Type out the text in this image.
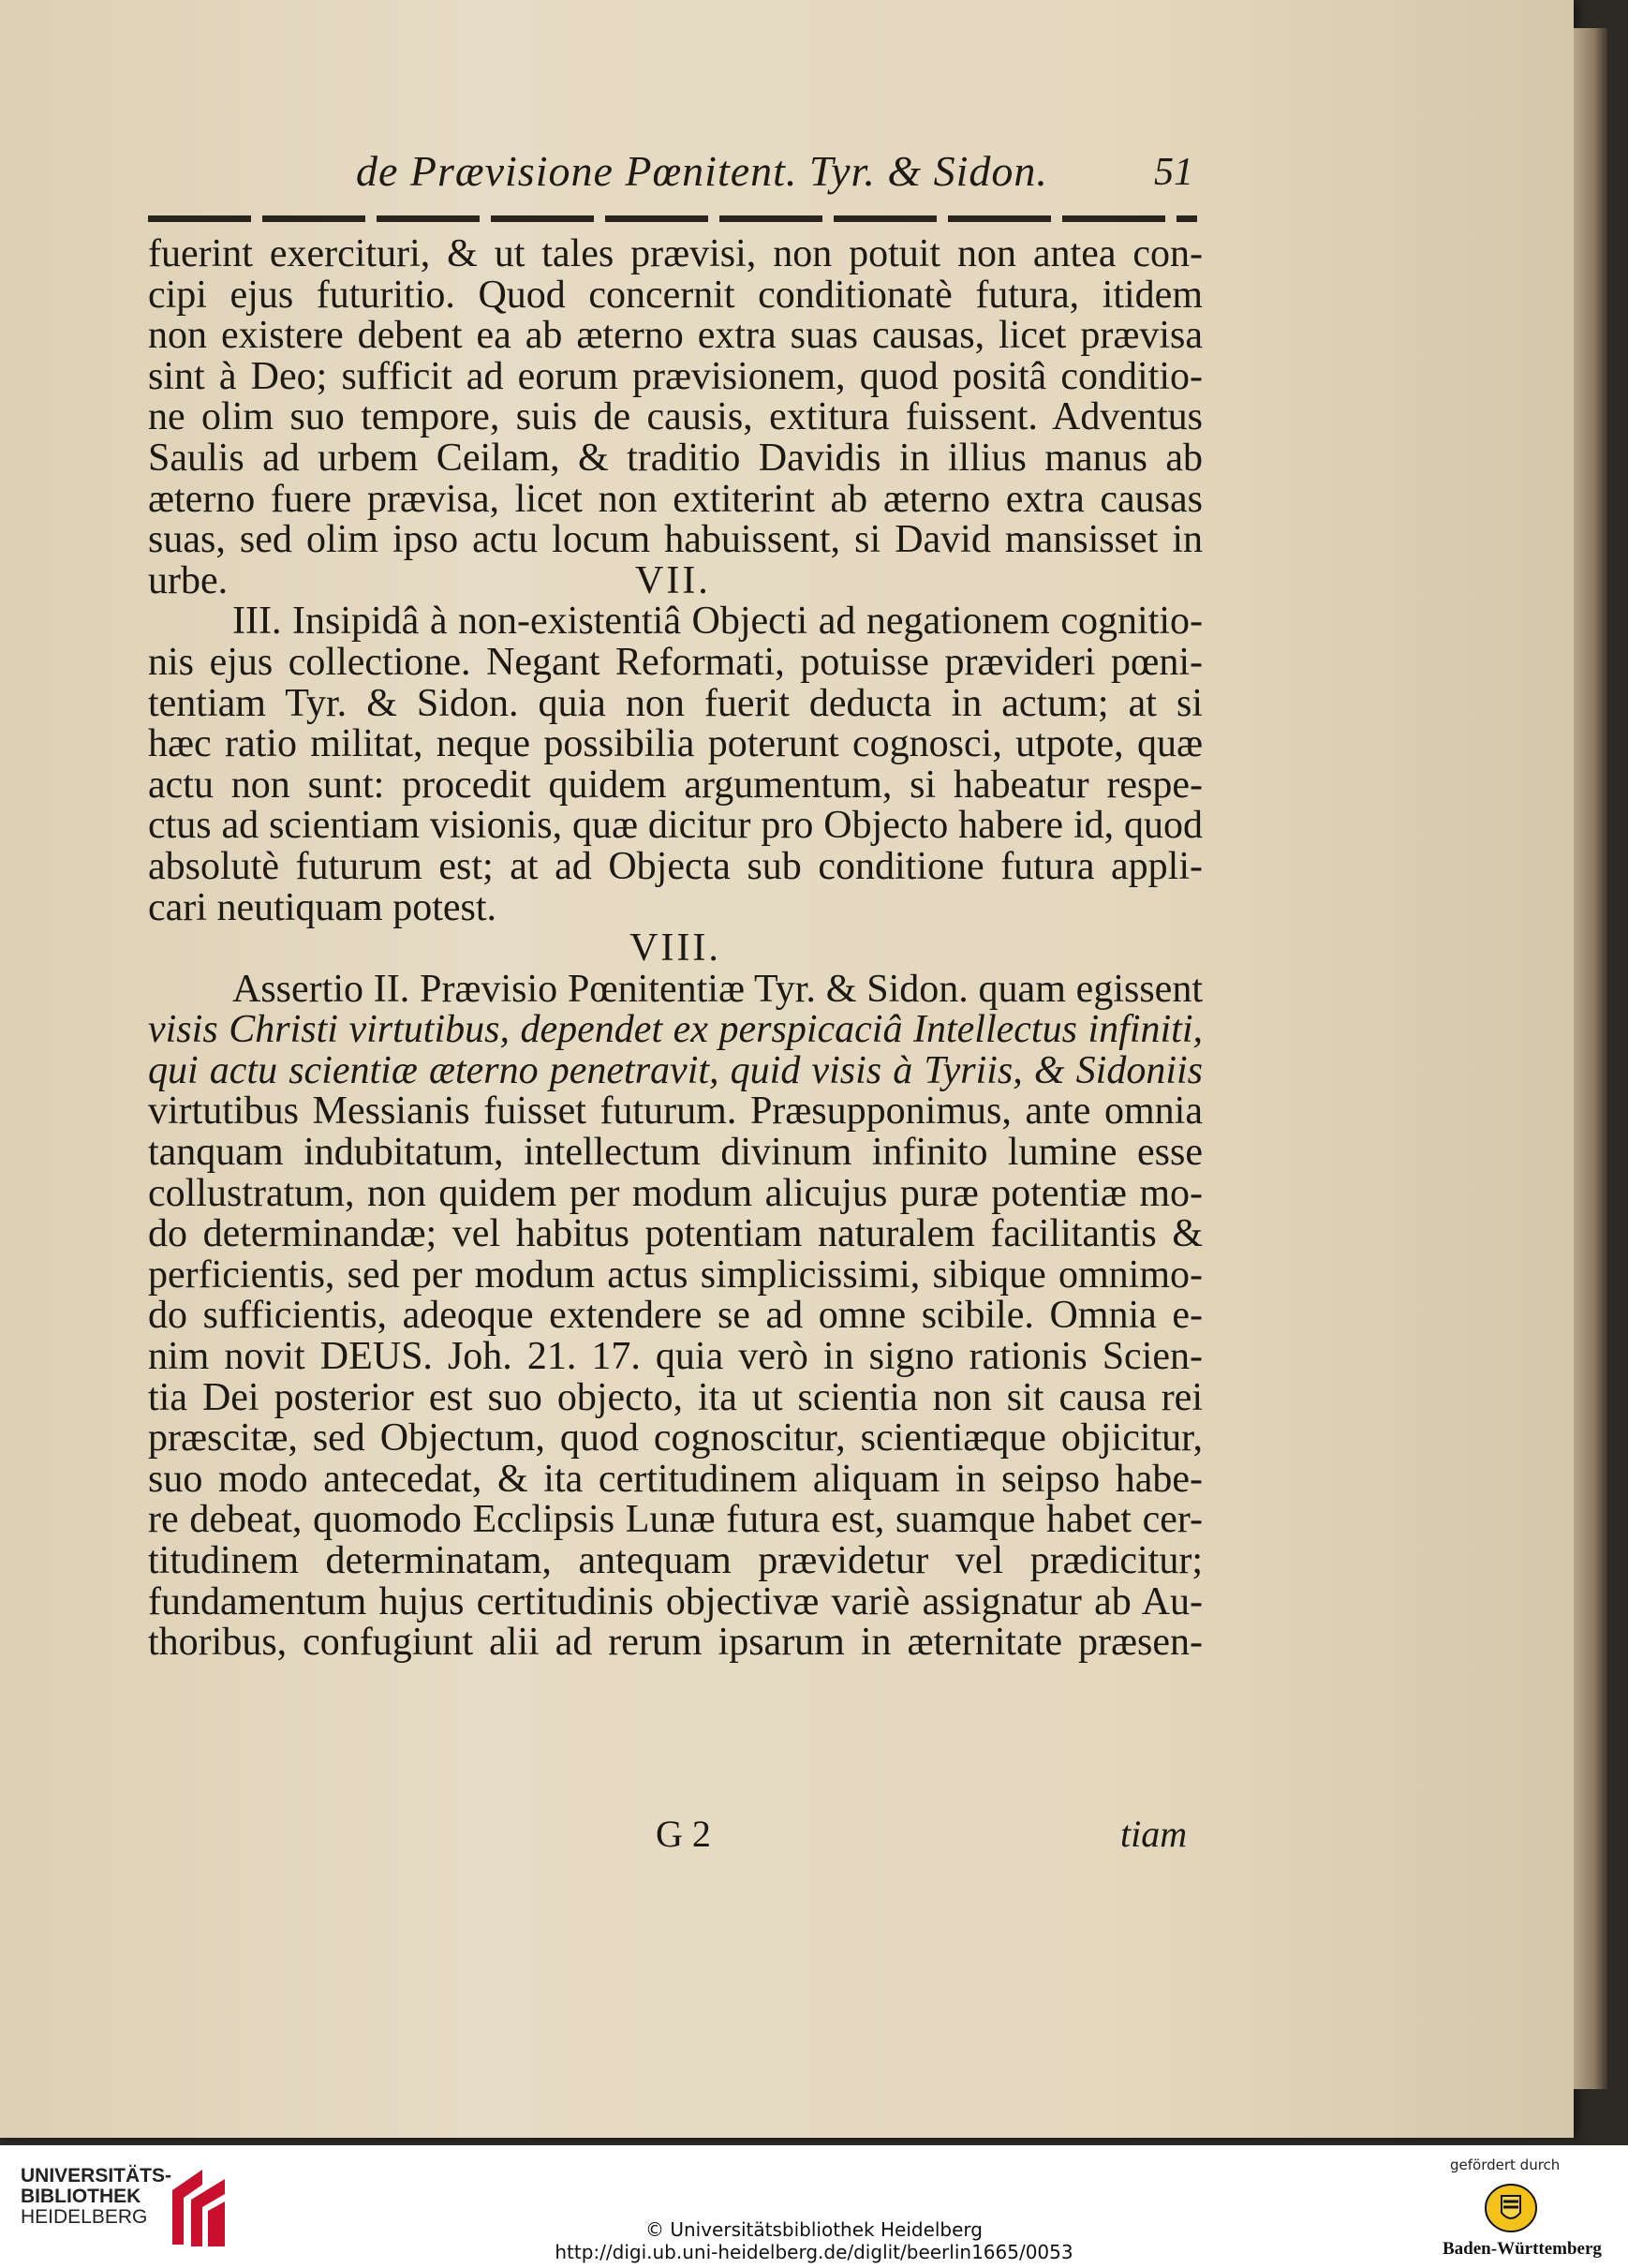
de Prævisione Pœnitent. Tyr. & Sidon.	51
fuerint exercituri, & ut tales prævisi, non potuit non antea con-
cipi ejus futuritio. Quod concernit conditionatè futura, itidem
non existere debent ea ab æterno extra suas causas, licet prævisa
sint à Deo; sufficit ad eorum prævisionem, quod positâ conditio-
ne olim suo tempore, suis de causis, extitura fuissent. Adventus
Saulis ad urbem Ceilam, & traditio Davidis in illius manus ab
æterno fuere prævisa, licet non extiterint ab æterno extra causas
suas, sed olim ipso actu locum habuissent, si David mansisset in
urbe.	VII.
III. Insipidâ à non-existentiâ Objecti ad negationem cognitio-
nis ejus collectione. Negant Reformati, potuisse prævideri pœni-
tentiam Tyr. & Sidon. quia non fuerit deducta in actum; at si
hæc ratio militat, neque possibilia poterunt cognosci, utpote, quæ
actu non sunt: procedit quidem argumentum, si habeatur respe-
ctus ad scientiam visionis, quæ dicitur pro Objecto habere id, quod
absolutè futurum est; at ad Objecta sub conditione futura appli-
cari neutiquam potest.
VIII.
Assertio II. Prævisio Pœnitentiæ Tyr. & Sidon. quam egissent
visis Christi virtutibus, dependet ex perspicaciâ Intellectus infiniti,
qui actu scientiæ æterno penetravit, quid visis à Tyriis, & Sidoniis
virtutibus Messianis fuisset futurum. Præsupponimus, ante omnia
tanquam indubitatum, intellectum divinum infinito lumine esse
collustratum, non quidem per modum alicujus puræ potentiæ mo-
do determinandæ; vel habitus potentiam naturalem facilitantis &
perficientis, sed per modum actus simplicissimi, sibique omnimo-
do sufficientis, adeoque extendere se ad omne scibile. Omnia e-
nim novit DEUS. Joh. 21. 17. quia verò in signo rationis Scien-
tia Dei posterior est suo objecto, ita ut scientia non sit causa rei
præscitæ, sed Objectum, quod cognoscitur, scientiæque objicitur,
suo modo antecedat, & ita certitudinem aliquam in seipso habe-
re debeat, quomodo Ecclipsis Lunæ futura est, suamque habet cer-
titudinem determinatam, antequam prævidetur vel prædicitur;
fundamentum hujus certitudinis objectivæ variè assignatur ab Au-
thoribus, confugiunt alii ad rerum ipsarum in æternitate præsen-
G 2	tiam
UNIVERSITÄTS-
BIBLIOTHEK
HEIDELBERG
© Universitätsbibliothek Heidelberg
http://digi.ub.uni-heidelberg.de/diglit/beerlin1665/0053
gefördert durch
Baden-Württemberg
